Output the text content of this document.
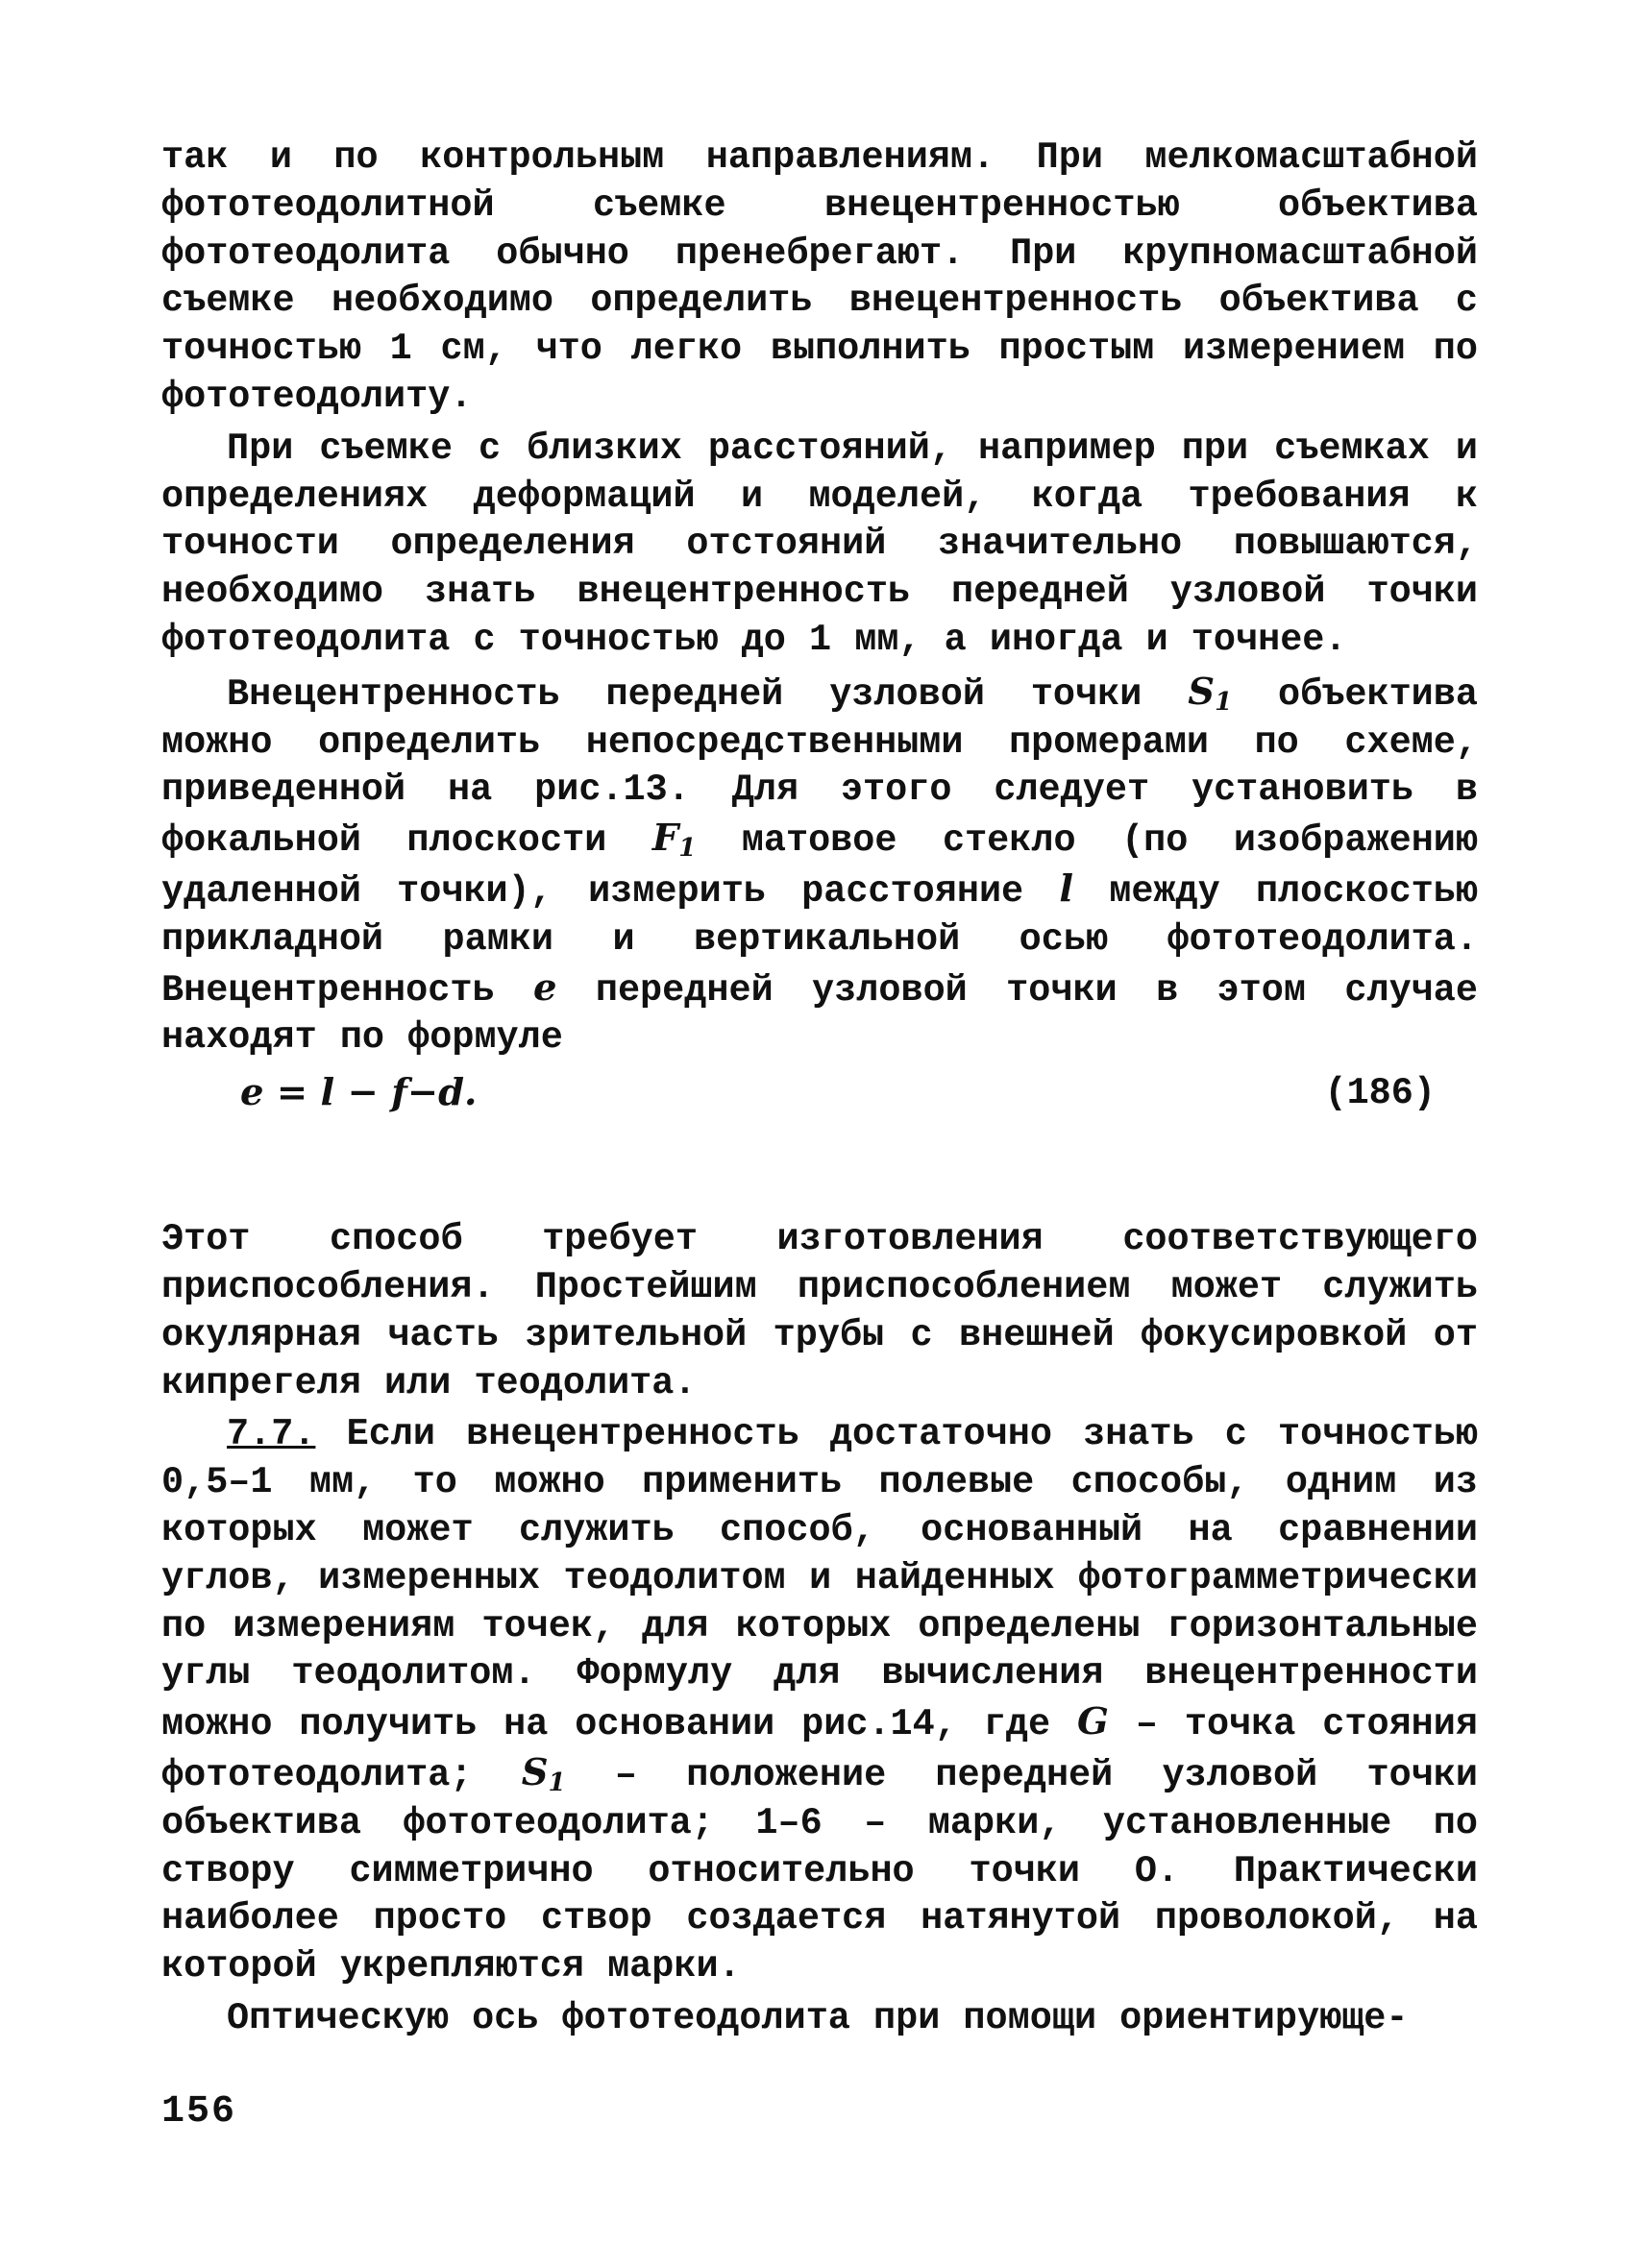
так и по контрольным направлениям. При мелкомасштабной фототеодолитной съемке внецентренностью объектива фототеодолита обычно пренебрегают. При крупномасштабной съемке необходимо определить внецентренность объектива с точностью 1 см, что легко выполнить простым измерением по фототеодолиту.

При съемке с близких расстояний, например при съемках и определениях деформаций и моделей, когда требования к точности определения отстояний значительно повышаются, необходимо знать внецентренность передней узловой точки фототеодолита с точностью до 1 мм, а иногда и точнее.

Внецентренность передней узловой точки $S_1$ объектива можно определить непосредственными промерами по схеме, приведенной на рис.13. Для этого следует установить в фокальной плоскости $F_1$ матовое стекло (по изображению удаленной точки), измерить расстояние l между плоскостью прикладной рамки и вертикальной осью фототеодолита. Внецентренность e передней узловой точки в этом случае находят по формуле

e = l − f−d.	(186)

Этот способ требует изготовления соответствующего приспособления. Простейшим приспособлением может служить окулярная часть зрительной трубы с внешней фокусировкой от кипрегеля или теодолита.

7.7. Если внецентренность достаточно знать с точностью 0,5–1 мм, то можно применить полевые способы, одним из которых может служить способ, основанный на сравнении углов, измеренных теодолитом и найденных фотограмметрически по измерениям точек, для которых определены горизонтальные углы теодолитом. Формулу для вычисления внецентренности можно получить на основании рис.14, где G – точка стояния фототеодолита; $S_1$ – положение передней узловой точки объектива фототеодолита; 1–6 – марки, установленные по створу симметрично относительно точки О. Практически наиболее просто створ создается натянутой проволокой, на которой укрепляются марки.

Оптическую ось фототеодолита при помощи ориентирующе-

156
